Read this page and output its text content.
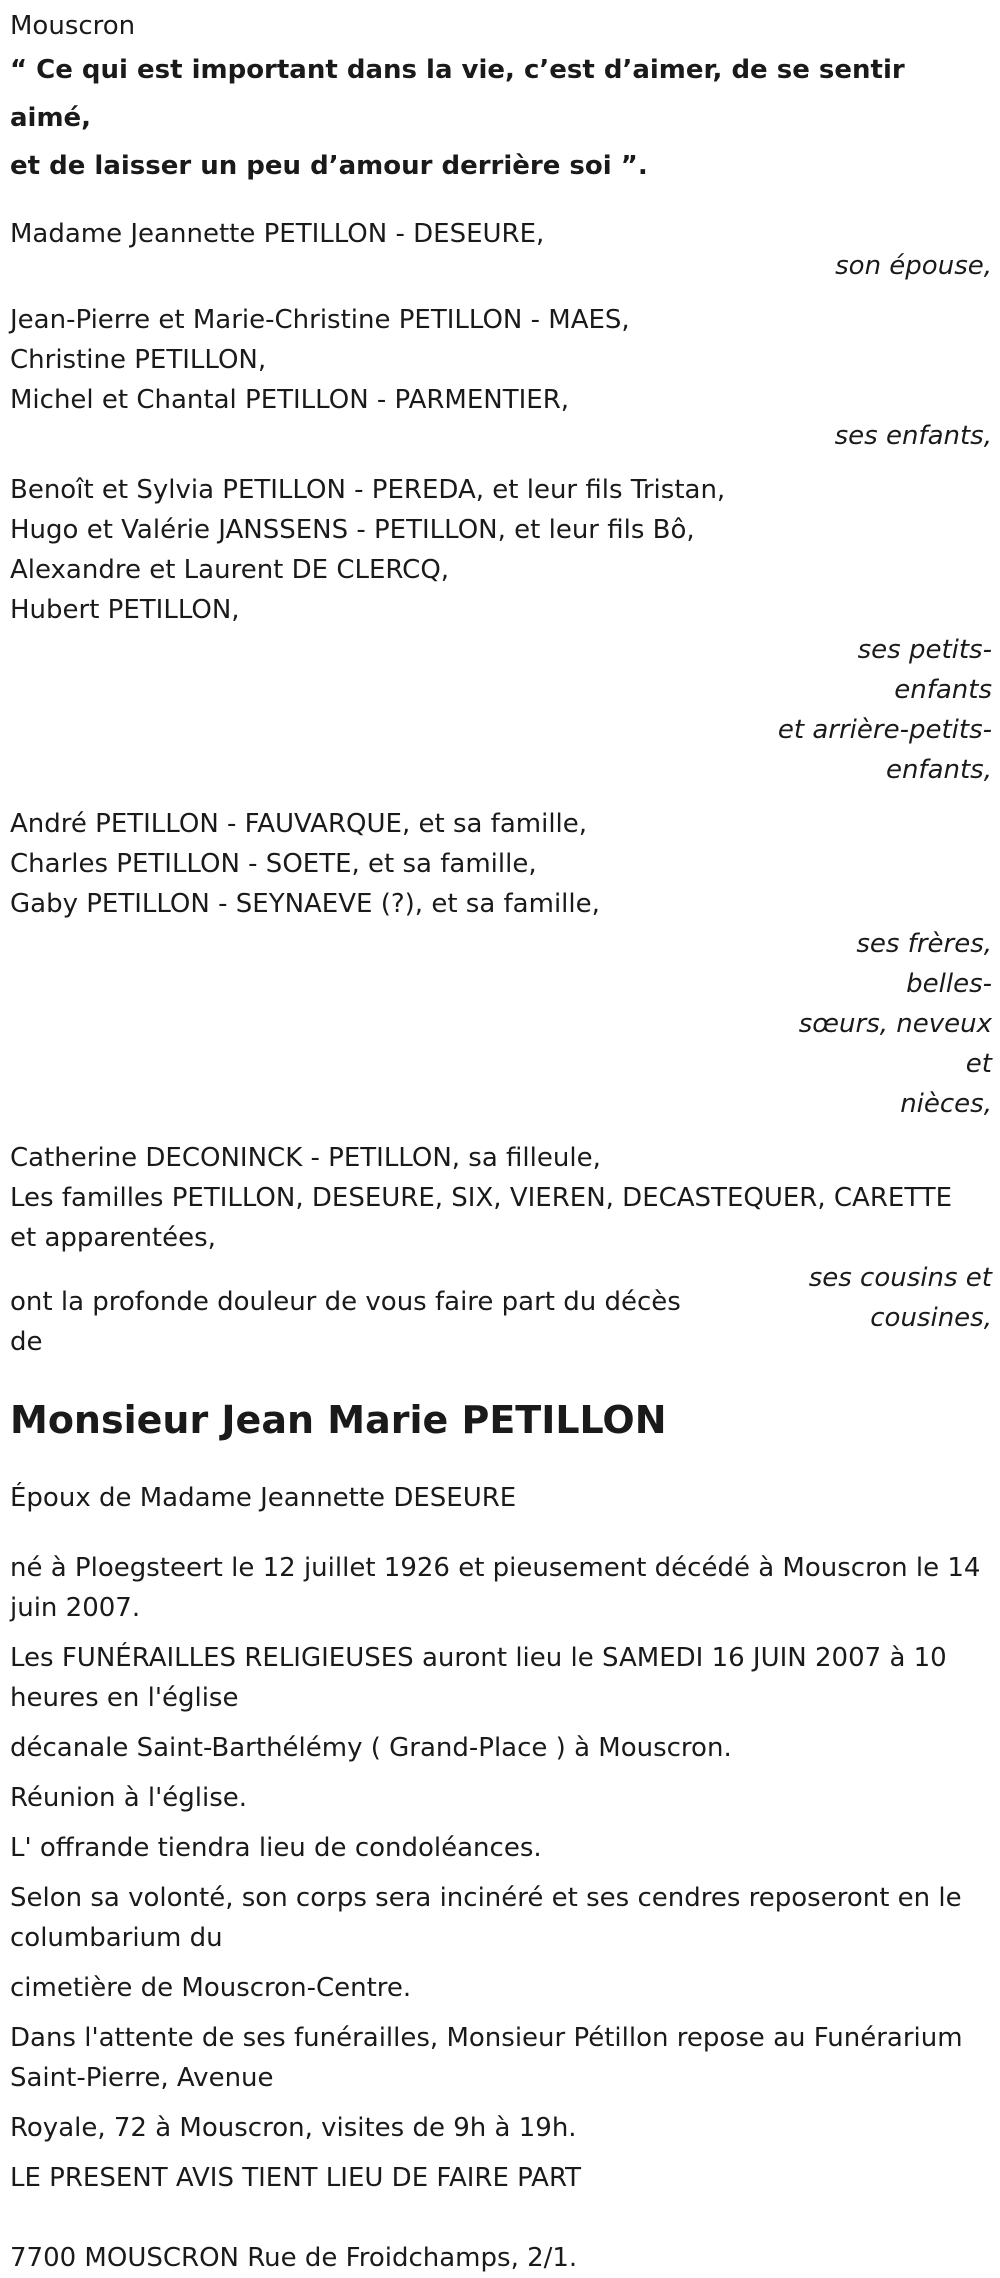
Mouscron

“ Ce qui est important dans la vie, c’est d’aimer, de se sentir aimé,

et de laisser un peu d’amour derrière soi ”.

Madame Jeannette PETILLON - DESEURE,

son épouse,

Jean-Pierre et Marie-Christine PETILLON - MAES,

Christine PETILLON,

Michel et Chantal PETILLON - PARMENTIER,

ses enfants,

Benoît et Sylvia PETILLON - PEREDA, et leur fils Tristan,

Hugo et Valérie JANSSENS - PETILLON, et leur fils Bô,

Alexandre et Laurent DE CLERCQ,

Hubert PETILLON,

ses petits-enfants
et arrière-petits-
enfants,

André PETILLON - FAUVARQUE, et sa famille,

Charles PETILLON - SOETE, et sa famille,

Gaby PETILLON - SEYNAEVE (?), et sa famille,

ses frères, belles-
sœurs, neveux et
nièces,

Catherine DECONINCK - PETILLON, sa filleule,

Les familles PETILLON, DESEURE, SIX, VIEREN, DECASTEQUER, CARETTE

et apparentées,

ont la profonde douleur de vous faire part du décès
de
ses cousins et
cousines,

Monsieur Jean Marie PETILLON

Époux de Madame Jeannette DESEURE

né à Ploegsteert le 12 juillet 1926 et pieusement décédé à Mouscron le 14 juin 2007.

Les FUNÉRAILLES RELIGIEUSES auront lieu le SAMEDI 16 JUIN 2007 à 10 heures en l'église

décanale Saint-Barthélémy ( Grand-Place ) à Mouscron.

Réunion à l'église.

L' offrande tiendra lieu de condoléances.

Selon sa volonté, son corps sera incinéré et ses cendres reposeront en le columbarium du

cimetière de Mouscron-Centre.

Dans l'attente de ses funérailles, Monsieur Pétillon repose au Funérarium Saint-Pierre, Avenue

Royale, 72 à Mouscron, visites de 9h à 19h.

LE PRESENT AVIS TIENT LIEU DE FAIRE PART

7700 MOUSCRON Rue de Froidchamps, 2/1.
